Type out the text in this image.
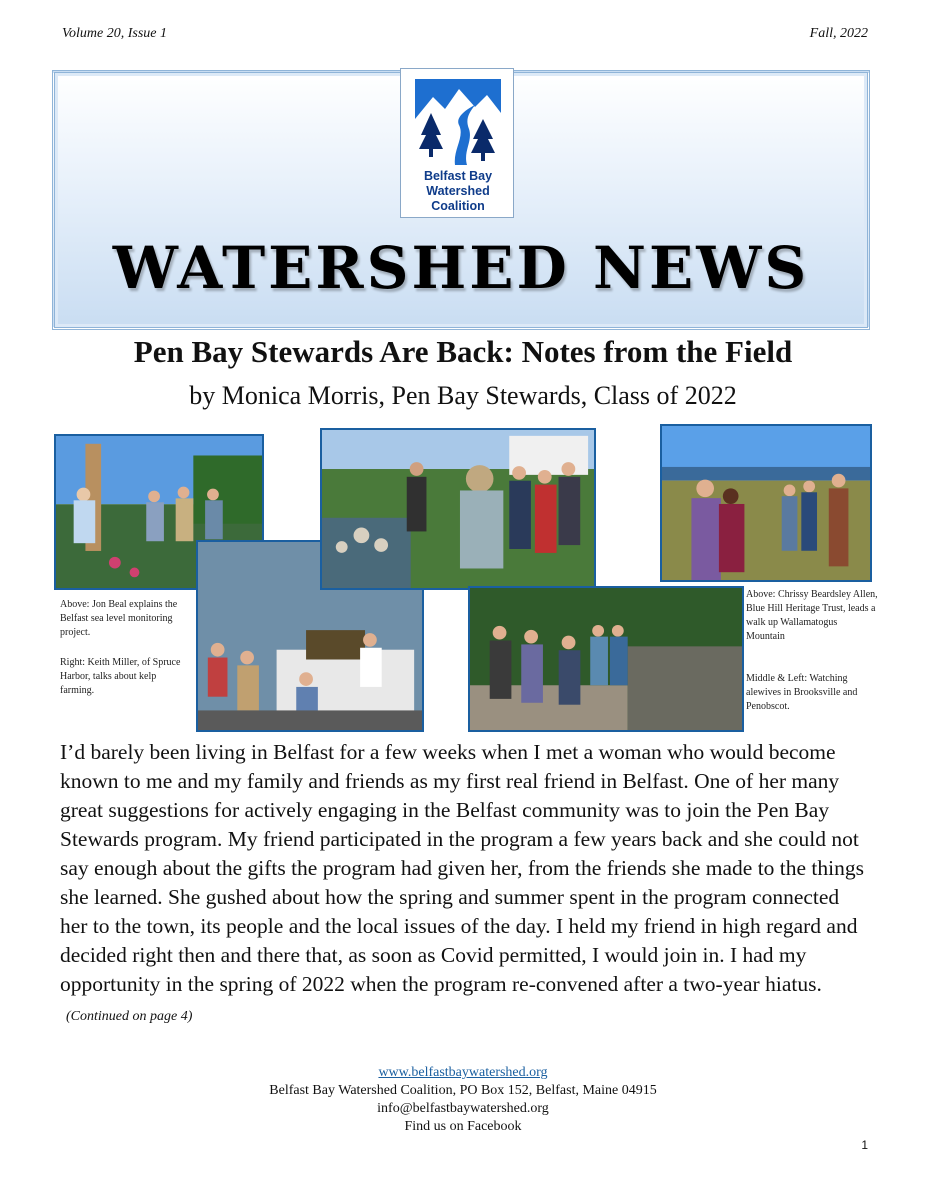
Volume 20, Issue 1	Fall, 2022
Belfast Bay
Watershed
Coalition
WATERSHED NEWS
Pen Bay Stewards Are Back: Notes from the Field
by Monica Morris, Pen Bay Stewards, Class of 2022
Above: Jon Beal explains the Belfast sea level monitoring project.
Right: Keith Miller, of Spruce Harbor, talks about kelp farming.
Above: Chrissy Beardsley Allen, Blue Hill Heritage Trust, leads a walk up Wallamatogus Mountain
Middle & Left: Watching alewives in Brooksville and Penobscot.
I’d barely been living in Belfast for a few weeks when I met a woman who would become known to me and my family and friends as my first real friend in Belfast. One of her many great suggestions for actively engaging in the Belfast community was to join the Pen Bay Stewards program. My friend participated in the program a few years back and she could not say enough about the gifts the program had given her, from the friends she made to the things she learned. She gushed about how the spring and summer spent in the program connected her to the town, its people and the local issues of the day. I held my friend in high regard and decided right then and there that, as soon as Covid permitted, I would join in. I had my opportunity in the spring of 2022 when the program re-convened after a two-year hiatus.(Continued on page 4)
www.belfastbaywatershed.org
Belfast Bay Watershed Coalition, PO Box 152, Belfast, Maine 04915
info@belfastbaywatershed.org
Find us on Facebook
1
